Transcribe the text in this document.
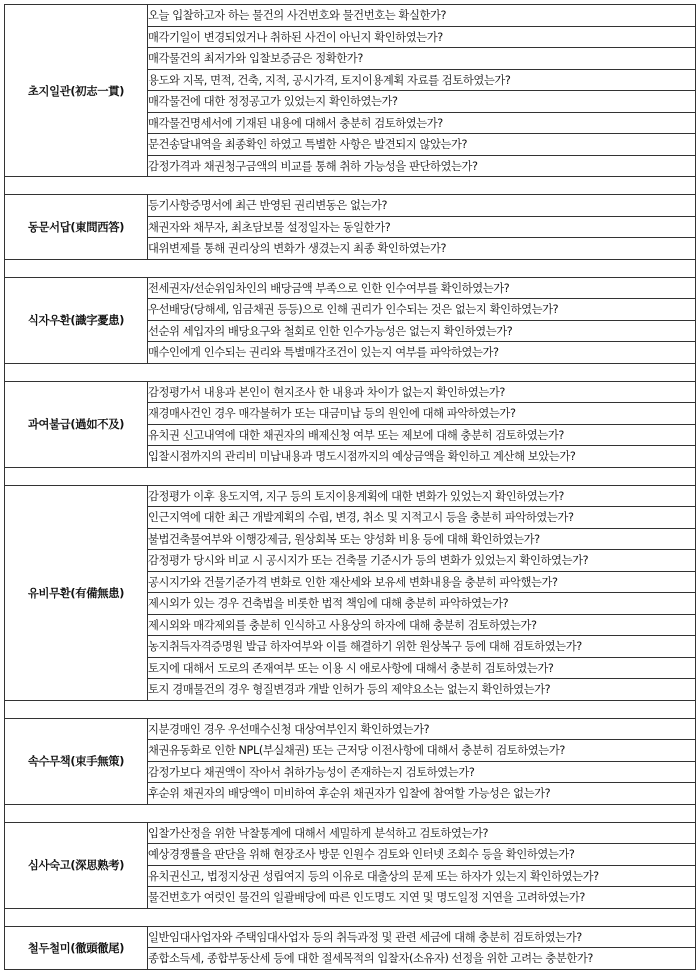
초지일관(初志一貫)	오늘 입찰하고자 하는 물건의 사건번호와 물건번호는 확실한가?
	매각기일이 변경되었거나 취하된 사건이 아닌지 확인하였는가?
	매각물건의 최저가와 입찰보증금은 정확한가?
	용도와 지목, 면적, 건축, 지적, 공시가격, 토지이용계획 자료를 검토하였는가?
	매각물건에 대한 정정공고가 있었는지 확인하였는가?
	매각물건명세서에 기재된 내용에 대해서 충분히 검토하였는가?
	문건송달내역을 최종확인 하였고 특별한 사항은 발견되지 않았는가?
	감정가격과 채권청구금액의 비교를 통해 취하 가능성을 판단하였는가?

동문서답(東問西答)	등기사항증명서에 최근 반영된 권리변동은 없는가?
	채권자와 채무자, 최초담보물 설정일자는 동일한가?
	대위변제를 통해 권리상의 변화가 생겼는지 최종 확인하였는가?

식자우환(識字憂患)	전세권자/선순위임차인의 배당금액 부족으로 인한 인수여부를 확인하였는가?
	우선배당(당해세, 임금채권 등등)으로 인해 권리가 인수되는 것은 없는지 확인하였는가?
	선순위 세입자의 배당요구와 철회로 인한 인수가능성은 없는지 확인하였는가?
	매수인에게 인수되는 권리와 특별매각조건이 있는지 여부를 파악하였는가?

과여불급(過如不及)	감정평가서 내용과 본인이 현지조사 한 내용과 차이가 없는지 확인하였는가?
	재경매사건인 경우 매각불허가 또는 대금미납 등의 원인에 대해 파악하였는가?
	유치권 신고내역에 대한 채권자의 배제신청 여부 또는 제보에 대해 충분히 검토하였는가?
	입찰시점까지의 관리비 미납내용과 명도시점까지의 예상금액을 확인하고 계산해 보았는가?

유비무환(有備無患)	감정평가 이후 용도지역, 지구 등의 토지이용계획에 대한 변화가 있었는지 확인하였는가?
	인근지역에 대한 최근 개발계획의 수립, 변경, 취소 및 지적고시 등을 충분히 파악하였는가?
	불법건축물여부와 이행강제금, 원상회복 또는 양성화 비용 등에 대해 확인하였는가?
	감정평가 당시와 비교 시 공시지가 또는 건축물 기준시가 등의 변화가 있었는지 확인하였는가?
	공시지가와 건물기준가격 변화로 인한 재산세와 보유세 변화내용을 충분히 파악했는가?
	제시외가 있는 경우 건축법을 비롯한 법적 책임에 대해 충분히 파악하였는가?
	제시외와 매각제외를 충분히 인식하고 사용상의 하자에 대해 충분히 검토하였는가?
	농지취득자격증명원 발급 하자여부와 이를 해결하기 위한 원상복구 등에 대해 검토하였는가?
	토지에 대해서 도로의 존재여부 또는 이용 시 애로사항에 대해서 충분히 검토하였는가?
	토지 경매물건의 경우 형질변경과 개발 인허가 등의 제약요소는 없는지 확인하였는가?

속수무책(束手無策)	지분경매인 경우 우선매수신청 대상여부인지 확인하였는가?
	채권유동화로 인한 NPL(부실채권) 또는 근저당 이전사항에 대해서 충분히 검토하였는가?
	감정가보다 채권액이 작아서 취하가능성이 존재하는지 검토하였는가?
	후순위 채권자의 배당액이 미비하여 후순위 채권자가 입찰에 참여할 가능성은 없는가?

심사숙고(深思熟考)	입찰가산정을 위한 낙찰통계에 대해서 세밀하게 분석하고 검토하였는가?
	예상경쟁률을 판단을 위해 현장조사 방문 인원수 검토와 인터넷 조회수 등을 확인하였는가?
	유치권신고, 법정지상권 성립여지 등의 이유로 대출상의 문제 또는 하자가 있는지 확인하였는가?
	물건번호가 여럿인 물건의 일괄배당에 따른 인도명도 지연 및 명도일정 지연을 고려하였는가?

철두철미(徹頭徹尾)	일반임대사업자와 주택임대사업자 등의 취득과정 및 관련 세금에 대해 충분히 검토하였는가?
	종합소득세, 종합부동산세 등에 대한 절세목적의 입찰자(소유자) 선정을 위한 고려는 충분한가?
